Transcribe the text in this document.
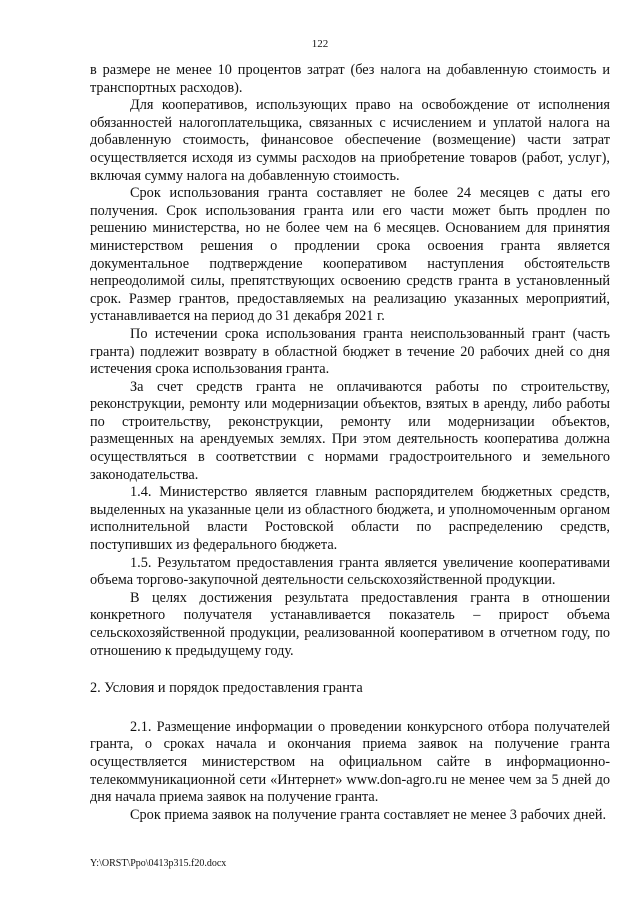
122

в размере не менее 10 процентов затрат (без налога на добавленную стоимость и транспортных расходов).

Для кооперативов, использующих право на освобождение от исполнения обязанностей налогоплательщика, связанных с исчислением и уплатой налога на добавленную стоимость, финансовое обеспечение (возмещение) части затрат осуществляется исходя из суммы расходов на приобретение товаров (работ, услуг), включая сумму налога на добавленную стоимость.

Срок использования гранта составляет не более 24 месяцев с даты его получения. Срок использования гранта или его части может быть продлен по решению министерства, но не более чем на 6 месяцев. Основанием для принятия министерством решения о продлении срока освоения гранта является документальное подтверждение кооперативом наступления обстоятельств непреодолимой силы, препятствующих освоению средств гранта в установленный срок. Размер грантов, предоставляемых на реализацию указанных мероприятий, устанавливается на период до 31 декабря 2021 г.

По истечении срока использования гранта неиспользованный грант (часть гранта) подлежит возврату в областной бюджет в течение 20 рабочих дней со дня истечения срока использования гранта.

За счет средств гранта не оплачиваются работы по строительству, реконструкции, ремонту или модернизации объектов, взятых в аренду, либо работы по строительству, реконструкции, ремонту или модернизации объектов, размещенных на арендуемых землях. При этом деятельность кооператива должна осуществляться в соответствии с нормами градостроительного и земельного законодательства.

1.4. Министерство является главным распорядителем бюджетных средств, выделенных на указанные цели из областного бюджета, и уполномоченным органом исполнительной власти Ростовской области по распределению средств, поступивших из федерального бюджета.

1.5. Результатом предоставления гранта является увеличение кооперативами объема торгово-закупочной деятельности сельскохозяйственной продукции.

В целях достижения результата предоставления гранта в отношении конкретного получателя устанавливается показатель – прирост объема сельскохозяйственной продукции, реализованной кооперативом в отчетном году, по отношению к предыдущему году.

2. Условия и порядок предоставления гранта

2.1. Размещение информации о проведении конкурсного отбора получателей гранта, о сроках начала и окончания приема заявок на получение гранта осуществляется министерством на официальном сайте в информационно-телекоммуникационной сети «Интернет» www.don-agro.ru не менее чем за 5 дней до дня начала приема заявок на получение гранта.

Срок приема заявок на получение гранта составляет не менее 3 рабочих дней.

Y:\ORST\Ppo\0413p315.f20.docx
